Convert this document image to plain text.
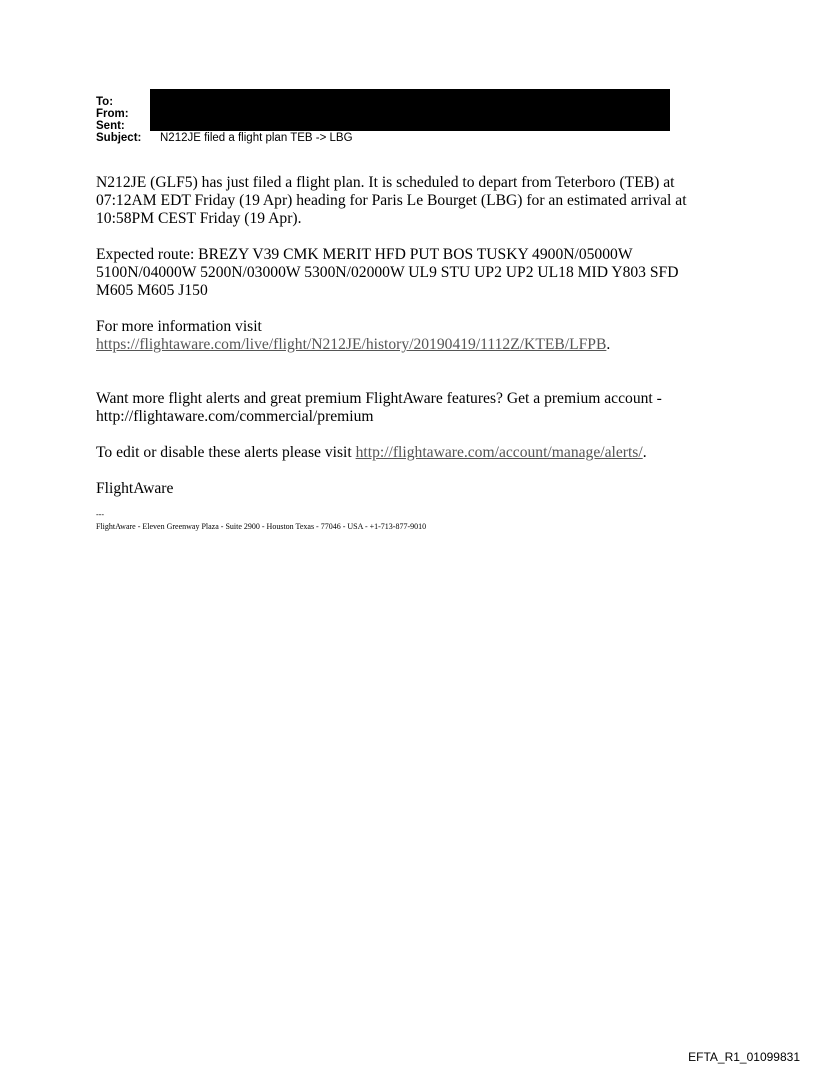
To:
From:
Sent:
Subject:	N212JE filed a flight plan TEB -> LBG

N212JE (GLF5) has just filed a flight plan. It is scheduled to depart from Teterboro (TEB) at 07:12AM EDT Friday (19 Apr) heading for Paris Le Bourget (LBG) for an estimated arrival at 10:58PM CEST Friday (19 Apr).

Expected route: BREZY V39 CMK MERIT HFD PUT BOS TUSKY 4900N/05000W 5100N/04000W 5200N/03000W 5300N/02000W UL9 STU UP2 UP2 UL18 MID Y803 SFD M605 M605 J150

For more information visit
https://flightaware.com/live/flight/N212JE/history/20190419/1112Z/KTEB/LFPB.

Want more flight alerts and great premium FlightAware features? Get a premium account - http://flightaware.com/commercial/premium

To edit or disable these alerts please visit http://flightaware.com/account/manage/alerts/.

FlightAware

---
FlightAware - Eleven Greenway Plaza - Suite 2900 - Houston Texas - 77046 - USA - +1-713-877-9010
EFTA_R1_01099831
